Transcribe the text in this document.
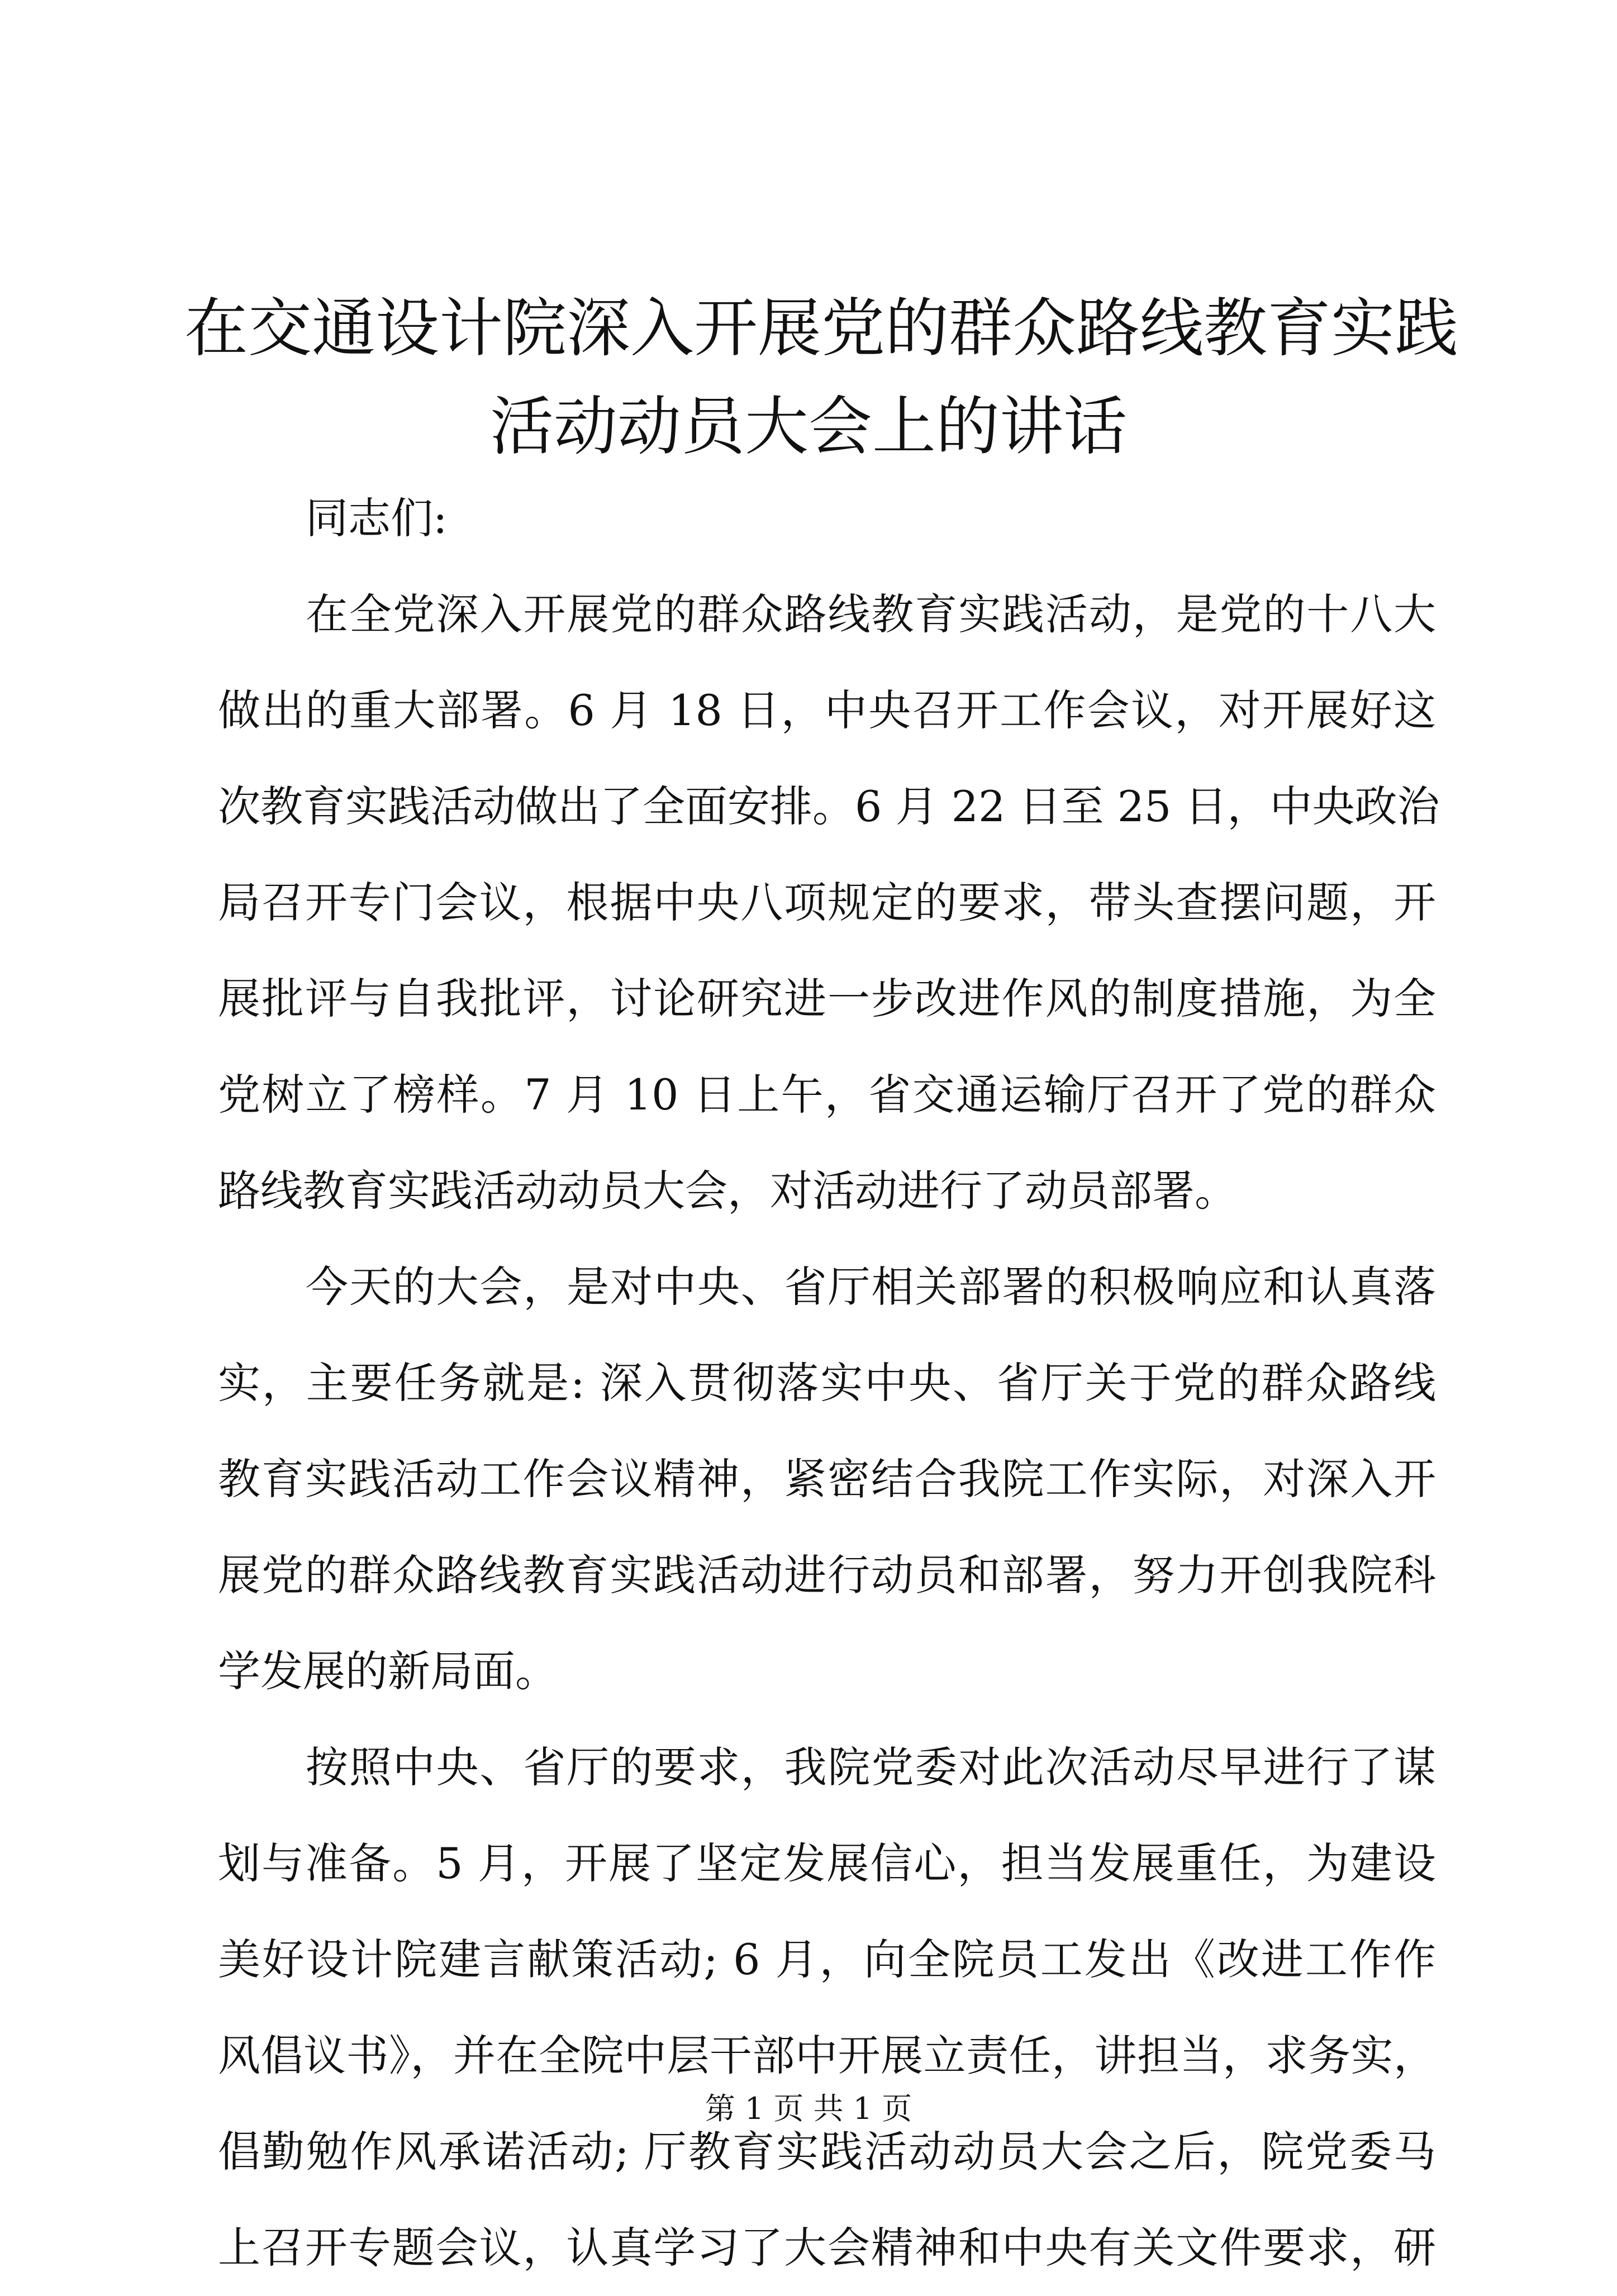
在交通设计院深入开展党的群众路线教育实践
活动动员大会上的讲话
同志们:
在全党深入开展党的群众路线教育实践活动，是党的十八大
做出的重大部署。6 月 18 日，中央召开工作会议，对开展好这
次教育实践活动做出了全面安排。6 月 22 日至 25 日，中央政治
局召开专门会议，根据中央八项规定的要求，带头查摆问题，开
展批评与自我批评，讨论研究进一步改进作风的制度措施，为全
党树立了榜样。7 月 10 日上午，省交通运输厅召开了党的群众
路线教育实践活动动员大会，对活动进行了动员部署。
今天的大会，是对中央、省厅相关部署的积极响应和认真落
实，主要任务就是: 深入贯彻落实中央、省厅关于党的群众路线
教育实践活动工作会议精神，紧密结合我院工作实际，对深入开
展党的群众路线教育实践活动进行动员和部署，努力开创我院科
学发展的新局面。
按照中央、省厅的要求，我院党委对此次活动尽早进行了谋
划与准备。5 月，开展了坚定发展信心，担当发展重任，为建设
美好设计院建言献策活动; 6 月，向全院员工发出《改进工作作
风倡议书》，并在全院中层干部中开展立责任，讲担当，求务实，
倡勤勉作风承诺活动; 厅教育实践活动动员大会之后，院党委马
上召开专题会议，认真学习了大会精神和中央有关文件要求，研
第 1 页 共 1 页
